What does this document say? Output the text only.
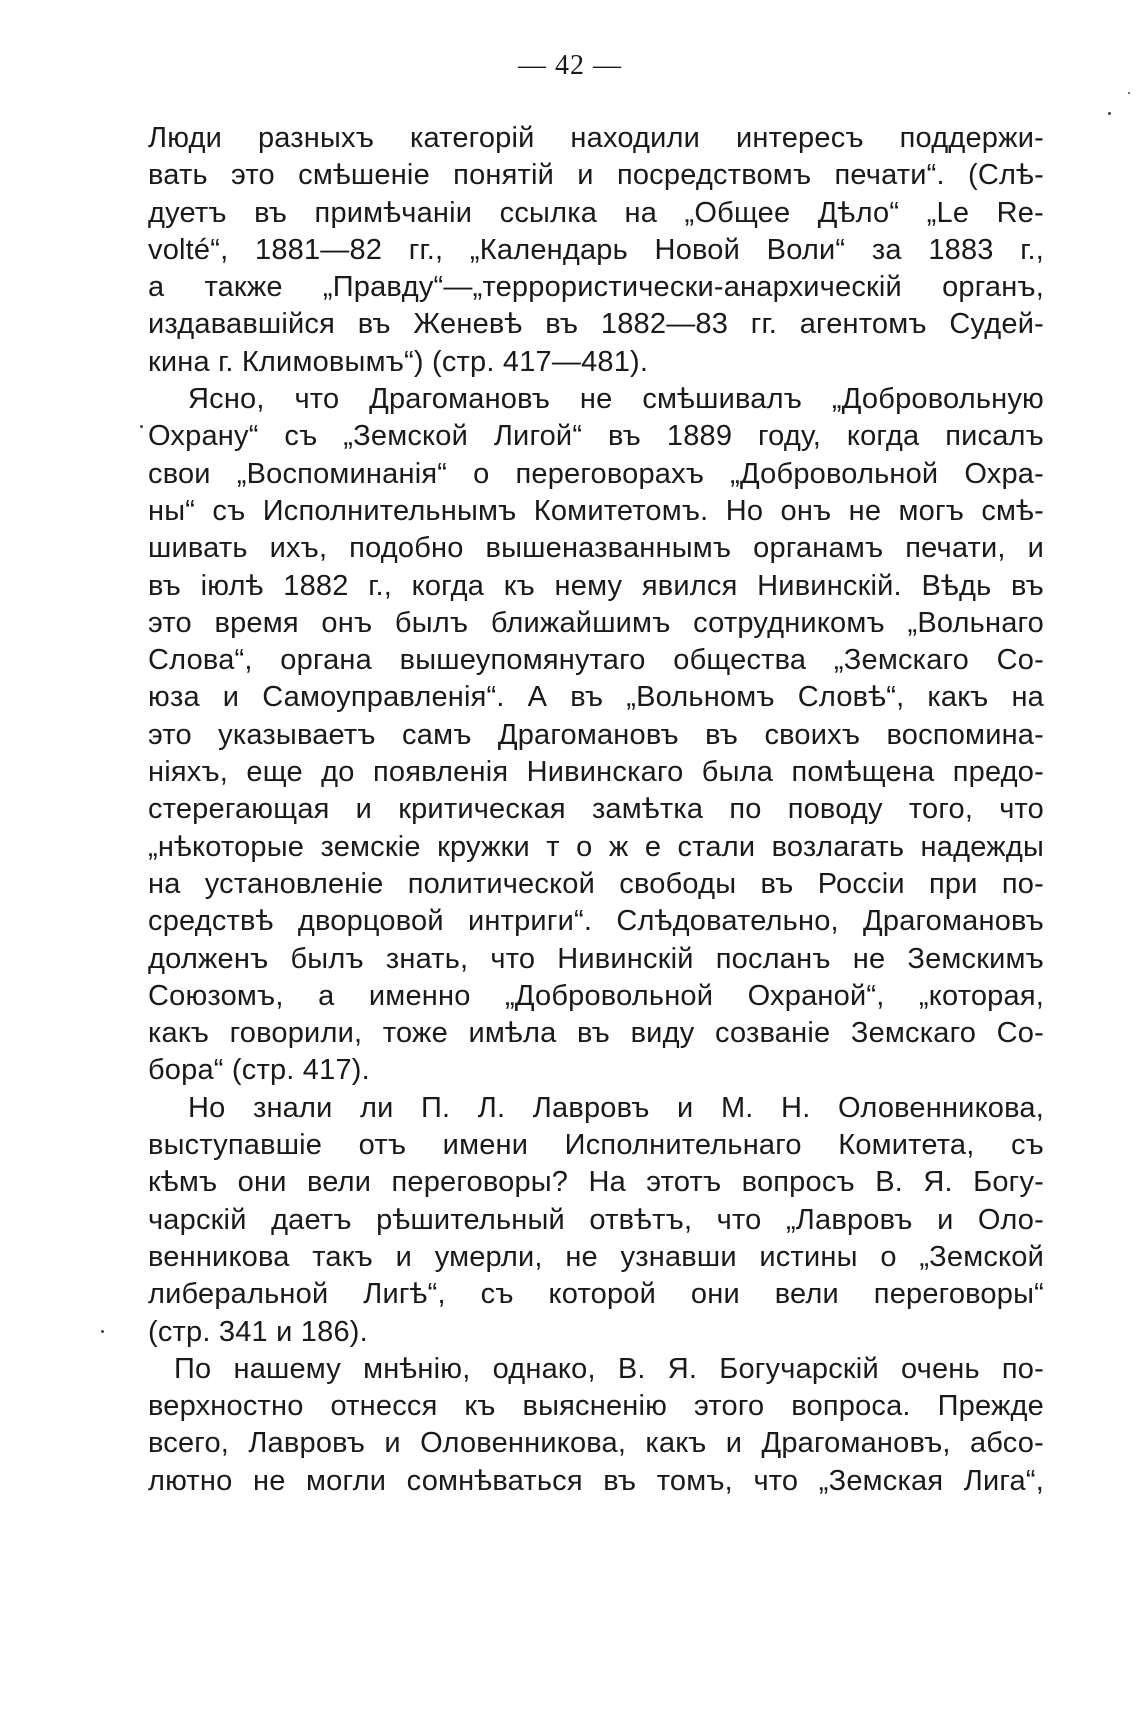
— 42 —
Люди разныхъ категорій находили интересъ поддержи-
вать это смѣшеніе понятій и посредствомъ печати“. (Слѣ-
дуетъ въ примѣчаніи ссылка на „Общее Дѣло“ „Le Re-
volté“, 1881—82 гг., „Календарь Новой Воли“ за 1883 г.,
а также „Правду“—„террористически-анархическій органъ,
издававшійся въ Женевѣ въ 1882—83 гг. агентомъ Судей-
кина г. Климовымъ“) (стр. 417—481).
Ясно, что Драгомановъ не смѣшивалъ „Добровольную
Охрану“ съ „Земской Лигой“ въ 1889 году, когда писалъ
свои „Воспоминанія“ о переговорахъ „Добровольной Охра-
ны“ съ Исполнительнымъ Комитетомъ. Но онъ не могъ смѣ-
шивать ихъ, подобно вышеназваннымъ органамъ печати, и
въ іюлѣ 1882 г., когда къ нему явился Нивинскій. Вѣдь въ
это время онъ былъ ближайшимъ сотрудникомъ „Вольнаго
Слова“, органа вышеупомянутаго общества „Земскаго Со-
юза и Самоуправленія“. А въ „Вольномъ Словѣ“, какъ на
это указываетъ самъ Драгомановъ въ своихъ воспомина-
ніяхъ, еще до появленія Нивинскаго была помѣщена предо-
стерегающая и критическая замѣтка по поводу того, что
„нѣкоторые земскіе кружки т о ж е стали возлагать надежды
на установленіе политической свободы въ Россіи при по-
средствѣ дворцовой интриги“. Слѣдовательно, Драгомановъ
долженъ былъ знать, что Нивинскій посланъ не Земскимъ
Союзомъ, а именно „Добровольной Охраной“, „которая,
какъ говорили, тоже имѣла въ виду созваніе Земскаго Со-
бора“ (стр. 417).
Но знали ли П. Л. Лавровъ и М. Н. Оловенникова,
выступавшіе отъ имени Исполнительнаго Комитета, съ
кѣмъ они вели переговоры? На этотъ вопросъ В. Я. Богу-
чарскій даетъ рѣшительный отвѣтъ, что „Лавровъ и Оло-
венникова такъ и умерли, не узнавши истины о „Земской
либеральной Лигѣ“, съ которой они вели переговоры“
(стр. 341 и 186).
По нашему мнѣнію, однако, В. Я. Богучарскій очень по-
верхностно отнесся къ выясненію этого вопроса. Прежде
всего, Лавровъ и Оловенникова, какъ и Драгомановъ, абсо-
лютно не могли сомнѣваться въ томъ, что „Земская Лига“,
